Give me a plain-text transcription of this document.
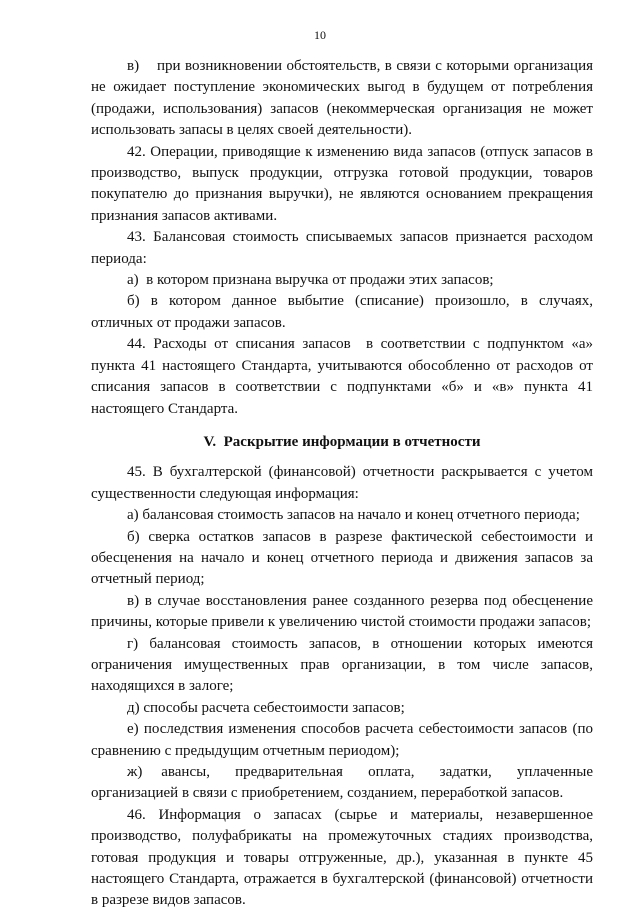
10

в)    при возникновении обстоятельств, в связи с которыми организация не ожидает поступление экономических выгод в будущем от потребления (продажи, использования) запасов (некоммерческая организация не может использовать запасы в целях своей деятельности).

42. Операции, приводящие к изменению вида запасов (отпуск запасов в производство, выпуск продукции, отгрузка готовой продукции, товаров покупателю до признания выручки), не являются основанием прекращения признания запасов активами.

43. Балансовая стоимость списываемых запасов признается расходом периода:

а)  в котором признана выручка от продажи этих запасов;

б) в котором данное выбытие (списание) произошло, в случаях, отличных от продажи запасов.

44. Расходы от списания запасов  в соответствии с подпунктом «а» пункта 41 настоящего Стандарта, учитываются обособленно от расходов от списания запасов в соответствии с подпунктами «б» и «в» пункта 41 настоящего Стандарта.

V.  Раскрытие информации в отчетности

45. В бухгалтерской (финансовой) отчетности раскрывается с учетом существенности следующая информация:

а) балансовая стоимость запасов на начало и конец отчетного периода;

б) сверка остатков запасов в разрезе фактической себестоимости и обесценения на начало и конец отчетного периода и движения запасов за отчетный период;

в) в случае восстановления ранее созданного резерва под обесценение причины, которые привели к увеличению чистой стоимости продажи запасов;

г) балансовая стоимость запасов, в отношении которых имеются ограничения имущественных прав организации, в том числе запасов, находящихся в залоге;

д) способы расчета себестоимости запасов;

е) последствия изменения способов расчета себестоимости запасов (по сравнению с предыдущим отчетным периодом);

ж)   авансы,    предварительная    оплата,    задатки,    уплаченные организацией в связи с приобретением, созданием, переработкой запасов.

46. Информация о запасах (сырье и материалы, незавершенное производство, полуфабрикаты на промежуточных стадиях производства, готовая продукция и товары отгруженные, др.), указанная в пункте 45 настоящего Стандарта, отражается в бухгалтерской (финансовой) отчетности в разрезе видов запасов.
